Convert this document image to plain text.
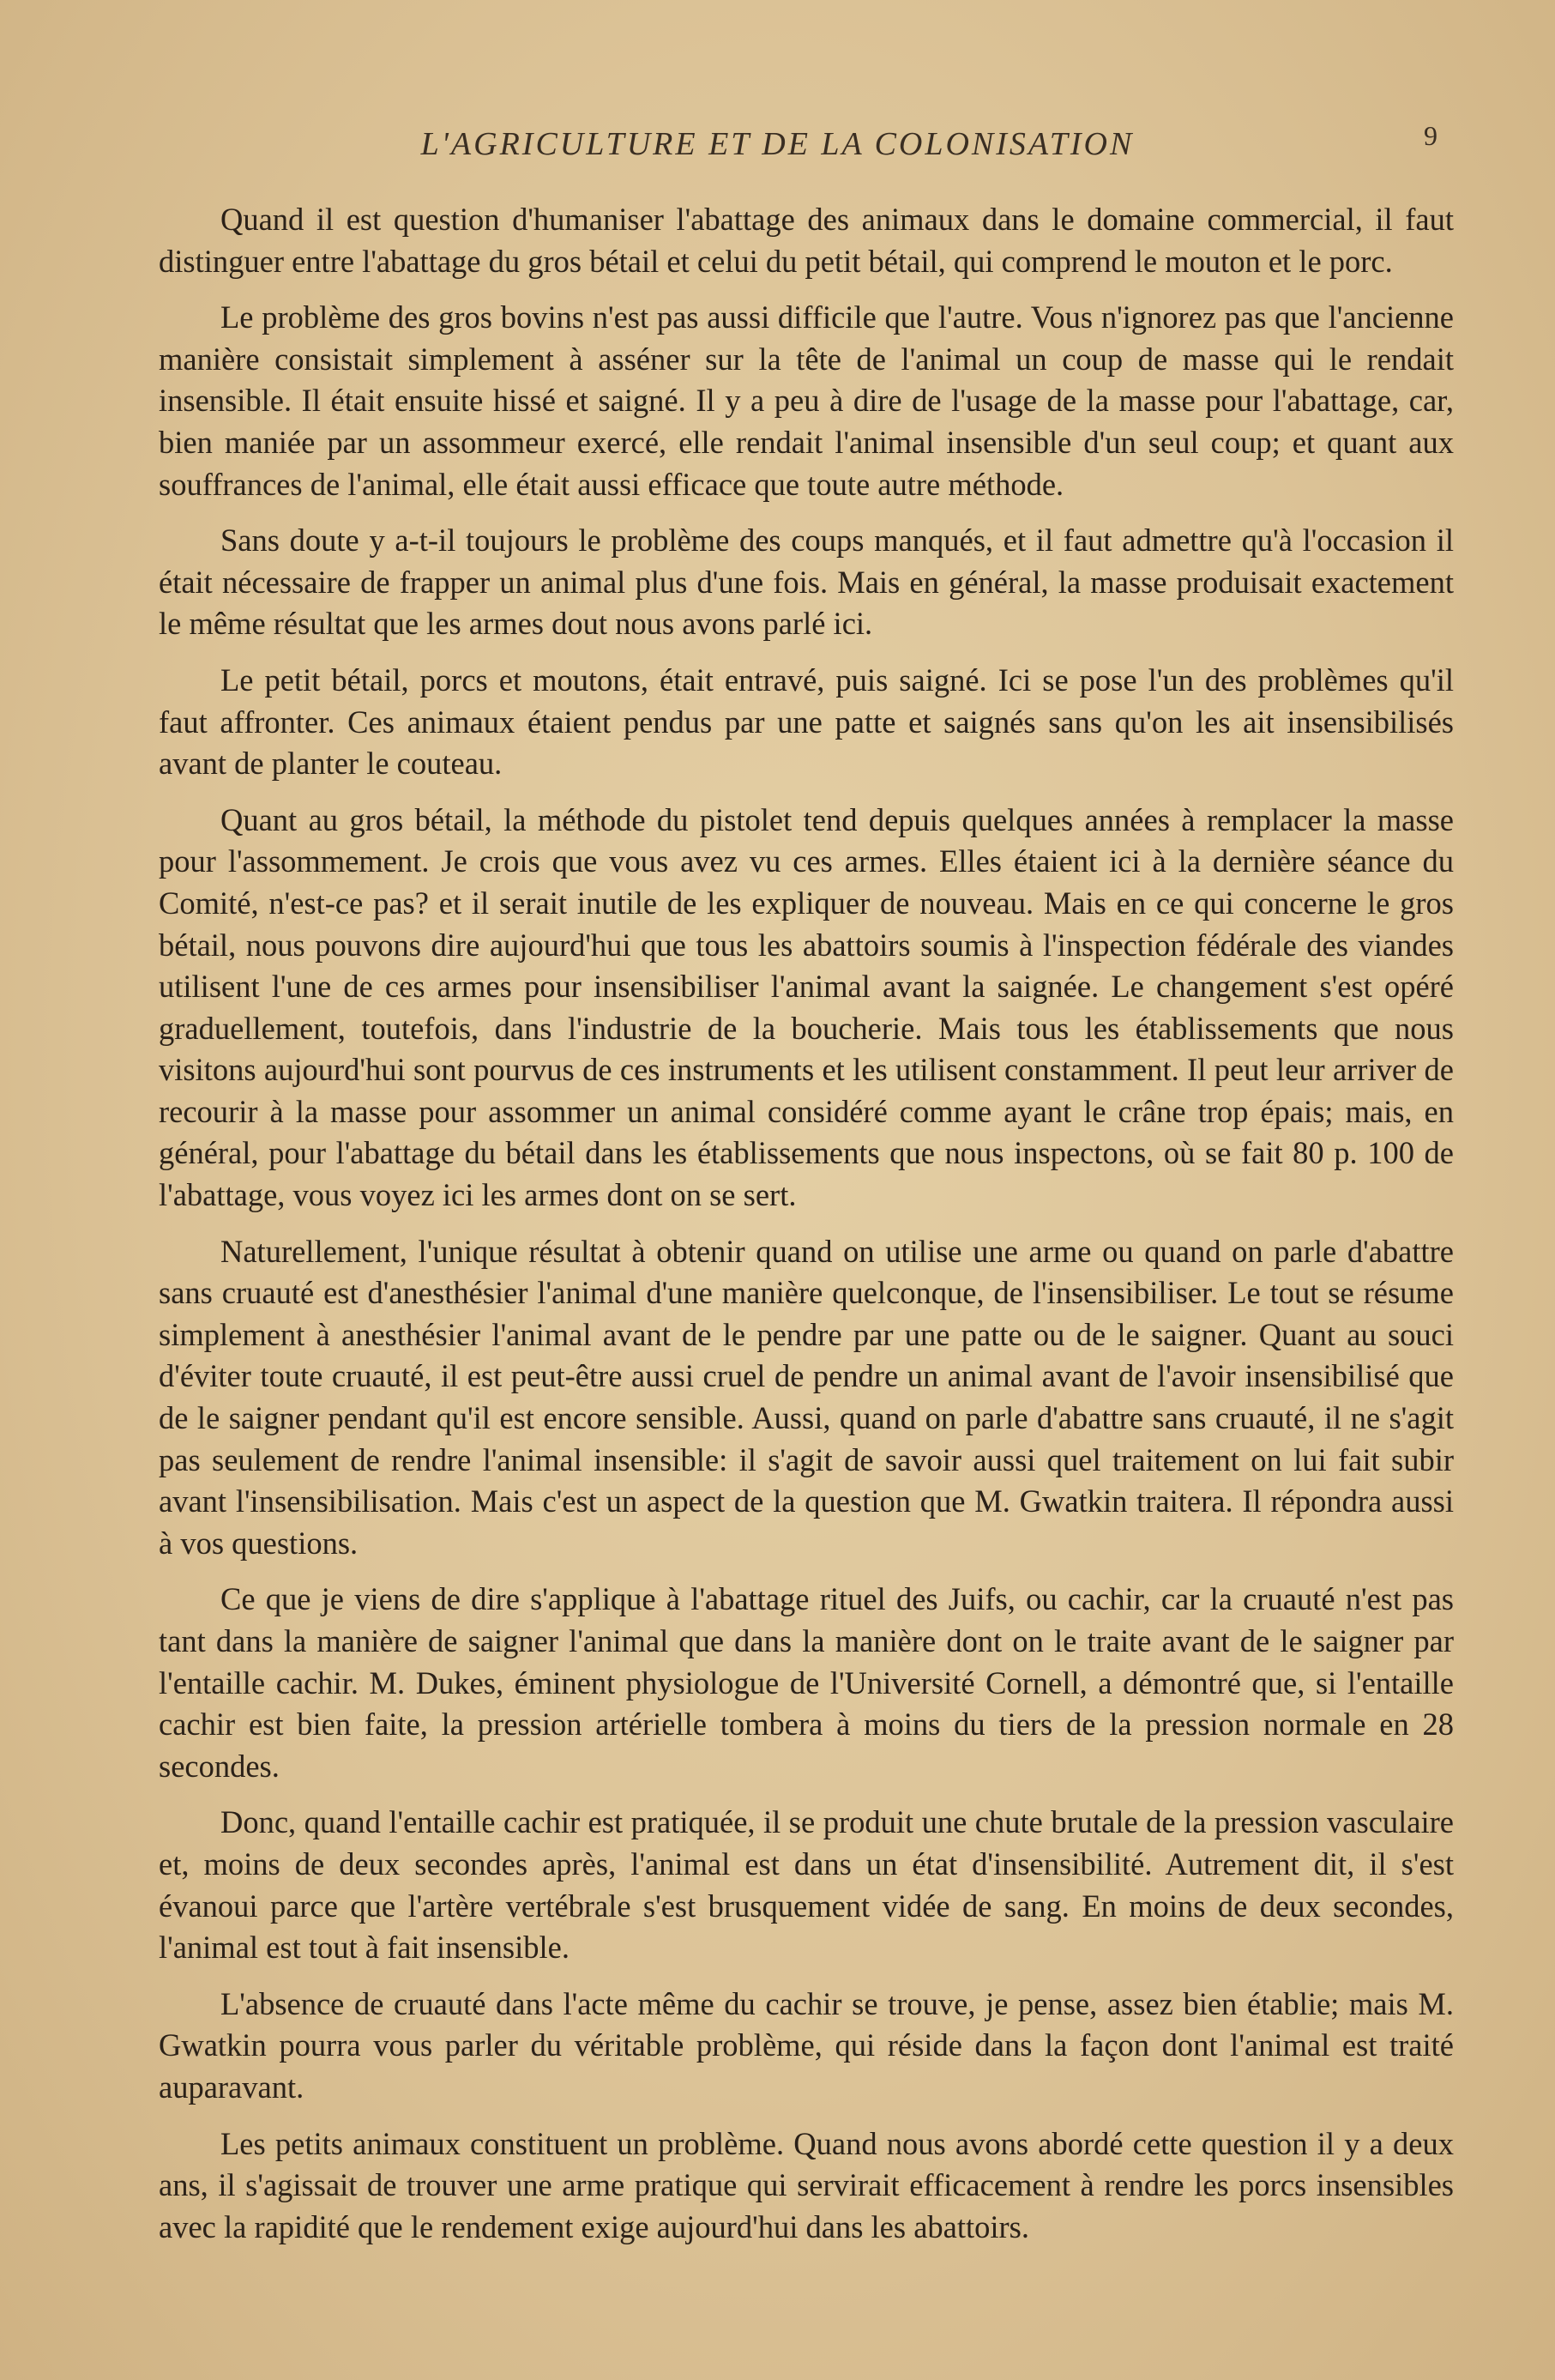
L'AGRICULTURE ET DE LA COLONISATION	9

Quand il est question d'humaniser l'abattage des animaux dans le domaine commercial, il faut distinguer entre l'abattage du gros bétail et celui du petit bétail, qui comprend le mouton et le porc.

Le problème des gros bovins n'est pas aussi difficile que l'autre. Vous n'ignorez pas que l'ancienne manière consistait simplement à asséner sur la tête de l'animal un coup de masse qui le rendait insensible. Il était ensuite hissé et saigné. Il y a peu à dire de l'usage de la masse pour l'abattage, car, bien maniée par un assommeur exercé, elle rendait l'animal insensible d'un seul coup; et quant aux souffrances de l'animal, elle était aussi efficace que toute autre méthode.

Sans doute y a-t-il toujours le problème des coups manqués, et il faut admettre qu'à l'occasion il était nécessaire de frapper un animal plus d'une fois. Mais en général, la masse produisait exactement le même résultat que les armes dout nous avons parlé ici.

Le petit bétail, porcs et moutons, était entravé, puis saigné. Ici se pose l'un des problèmes qu'il faut affronter. Ces animaux étaient pendus par une patte et saignés sans qu'on les ait insensibilisés avant de planter le couteau.

Quant au gros bétail, la méthode du pistolet tend depuis quelques années à remplacer la masse pour l'assommement. Je crois que vous avez vu ces armes. Elles étaient ici à la dernière séance du Comité, n'est-ce pas? et il serait inutile de les expliquer de nouveau. Mais en ce qui concerne le gros bétail, nous pouvons dire aujourd'hui que tous les abattoirs soumis à l'inspection fédérale des viandes utilisent l'une de ces armes pour insensibiliser l'animal avant la saignée. Le changement s'est opéré graduellement, toutefois, dans l'industrie de la boucherie. Mais tous les établissements que nous visitons aujourd'hui sont pourvus de ces instruments et les utilisent constamment. Il peut leur arriver de recourir à la masse pour assommer un animal considéré comme ayant le crâne trop épais; mais, en général, pour l'abattage du bétail dans les établissements que nous inspectons, où se fait 80 p. 100 de l'abattage, vous voyez ici les armes dont on se sert.

Naturellement, l'unique résultat à obtenir quand on utilise une arme ou quand on parle d'abattre sans cruauté est d'anesthésier l'animal d'une manière quelconque, de l'insensibiliser. Le tout se résume simplement à anesthésier l'animal avant de le pendre par une patte ou de le saigner. Quant au souci d'éviter toute cruauté, il est peut-être aussi cruel de pendre un animal avant de l'avoir insensibilisé que de le saigner pendant qu'il est encore sensible. Aussi, quand on parle d'abattre sans cruauté, il ne s'agit pas seulement de rendre l'animal insensible: il s'agit de savoir aussi quel traitement on lui fait subir avant l'insensibilisation. Mais c'est un aspect de la question que M. Gwatkin traitera. Il répondra aussi à vos questions.

Ce que je viens de dire s'applique à l'abattage rituel des Juifs, ou cachir, car la cruauté n'est pas tant dans la manière de saigner l'animal que dans la manière dont on le traite avant de le saigner par l'entaille cachir. M. Dukes, éminent physiologue de l'Université Cornell, a démontré que, si l'entaille cachir est bien faite, la pression artérielle tombera à moins du tiers de la pression normale en 28 secondes.

Donc, quand l'entaille cachir est pratiquée, il se produit une chute brutale de la pression vasculaire et, moins de deux secondes après, l'animal est dans un état d'insensibilité. Autrement dit, il s'est évanoui parce que l'artère vertébrale s'est brusquement vidée de sang. En moins de deux secondes, l'animal est tout à fait insensible.

L'absence de cruauté dans l'acte même du cachir se trouve, je pense, assez bien établie; mais M. Gwatkin pourra vous parler du véritable problème, qui réside dans la façon dont l'animal est traité auparavant.

Les petits animaux constituent un problème. Quand nous avons abordé cette question il y a deux ans, il s'agissait de trouver une arme pratique qui servirait efficacement à rendre les porcs insensibles avec la rapidité que le rendement exige aujourd'hui dans les abattoirs.
